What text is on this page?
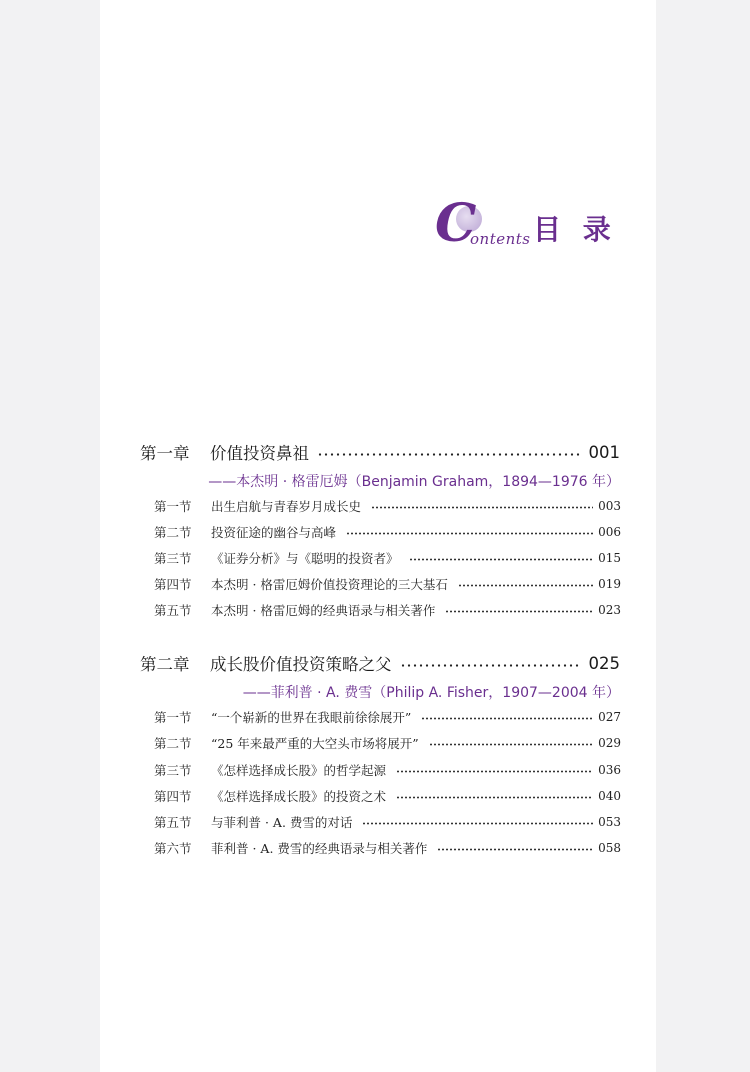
C
ontents 目 录
第一章	价值投资鼻祖	001
——本杰明 · 格雷厄姆（Benjamin Graham，1894—1976 年）
第一节	出生启航与青春岁月成长史	003
第二节	投资征途的幽谷与高峰	006
第三节	《证券分析》与《聪明的投资者》	015
第四节	本杰明 · 格雷厄姆价值投资理论的三大基石	019
第五节	本杰明 · 格雷厄姆的经典语录与相关著作	023
第二章	成长股价值投资策略之父	025
——菲利普 · A. 费雪（Philip A. Fisher，1907—2004 年）
第一节	“一个崭新的世界在我眼前徐徐展开”	027
第二节	“25 年来最严重的大空头市场将展开”	029
第三节	《怎样选择成长股》的哲学起源	036
第四节	《怎样选择成长股》的投资之术	040
第五节	与菲利普 · A. 费雪的对话	053
第六节	菲利普 · A. 费雪的经典语录与相关著作	058
